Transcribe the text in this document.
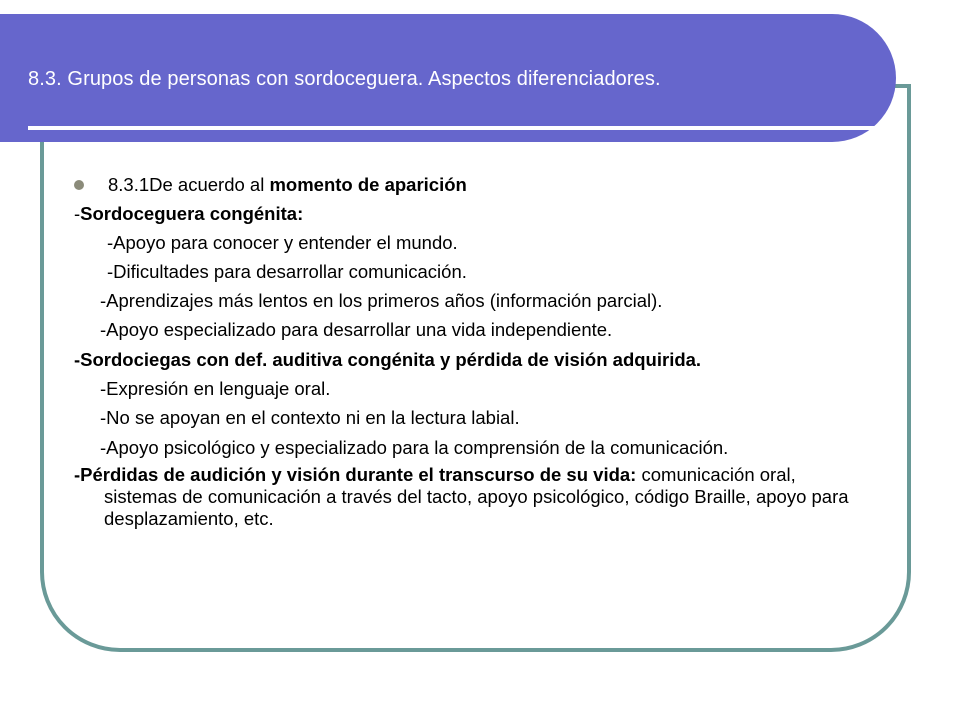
8.3. Grupos de personas con sordoceguera. Aspectos diferenciadores.

8.3.1De acuerdo al momento de aparición

-Sordoceguera congénita:

-Apoyo para conocer y entender el mundo.

-Dificultades para desarrollar comunicación.

-Aprendizajes más lentos en los primeros años (información parcial).

-Apoyo especializado para desarrollar una vida independiente.

-Sordociegas con def. auditiva congénita y pérdida de visión adquirida.

-Expresión en lenguaje oral.

-No se apoyan en el contexto ni en la lectura labial.

-Apoyo psicológico y especializado para la comprensión de la comunicación.

-Pérdidas de audición y visión durante el transcurso de su vida: comunicación oral, sistemas de comunicación a través del tacto, apoyo psicológico, código Braille, apoyo para desplazamiento, etc.
